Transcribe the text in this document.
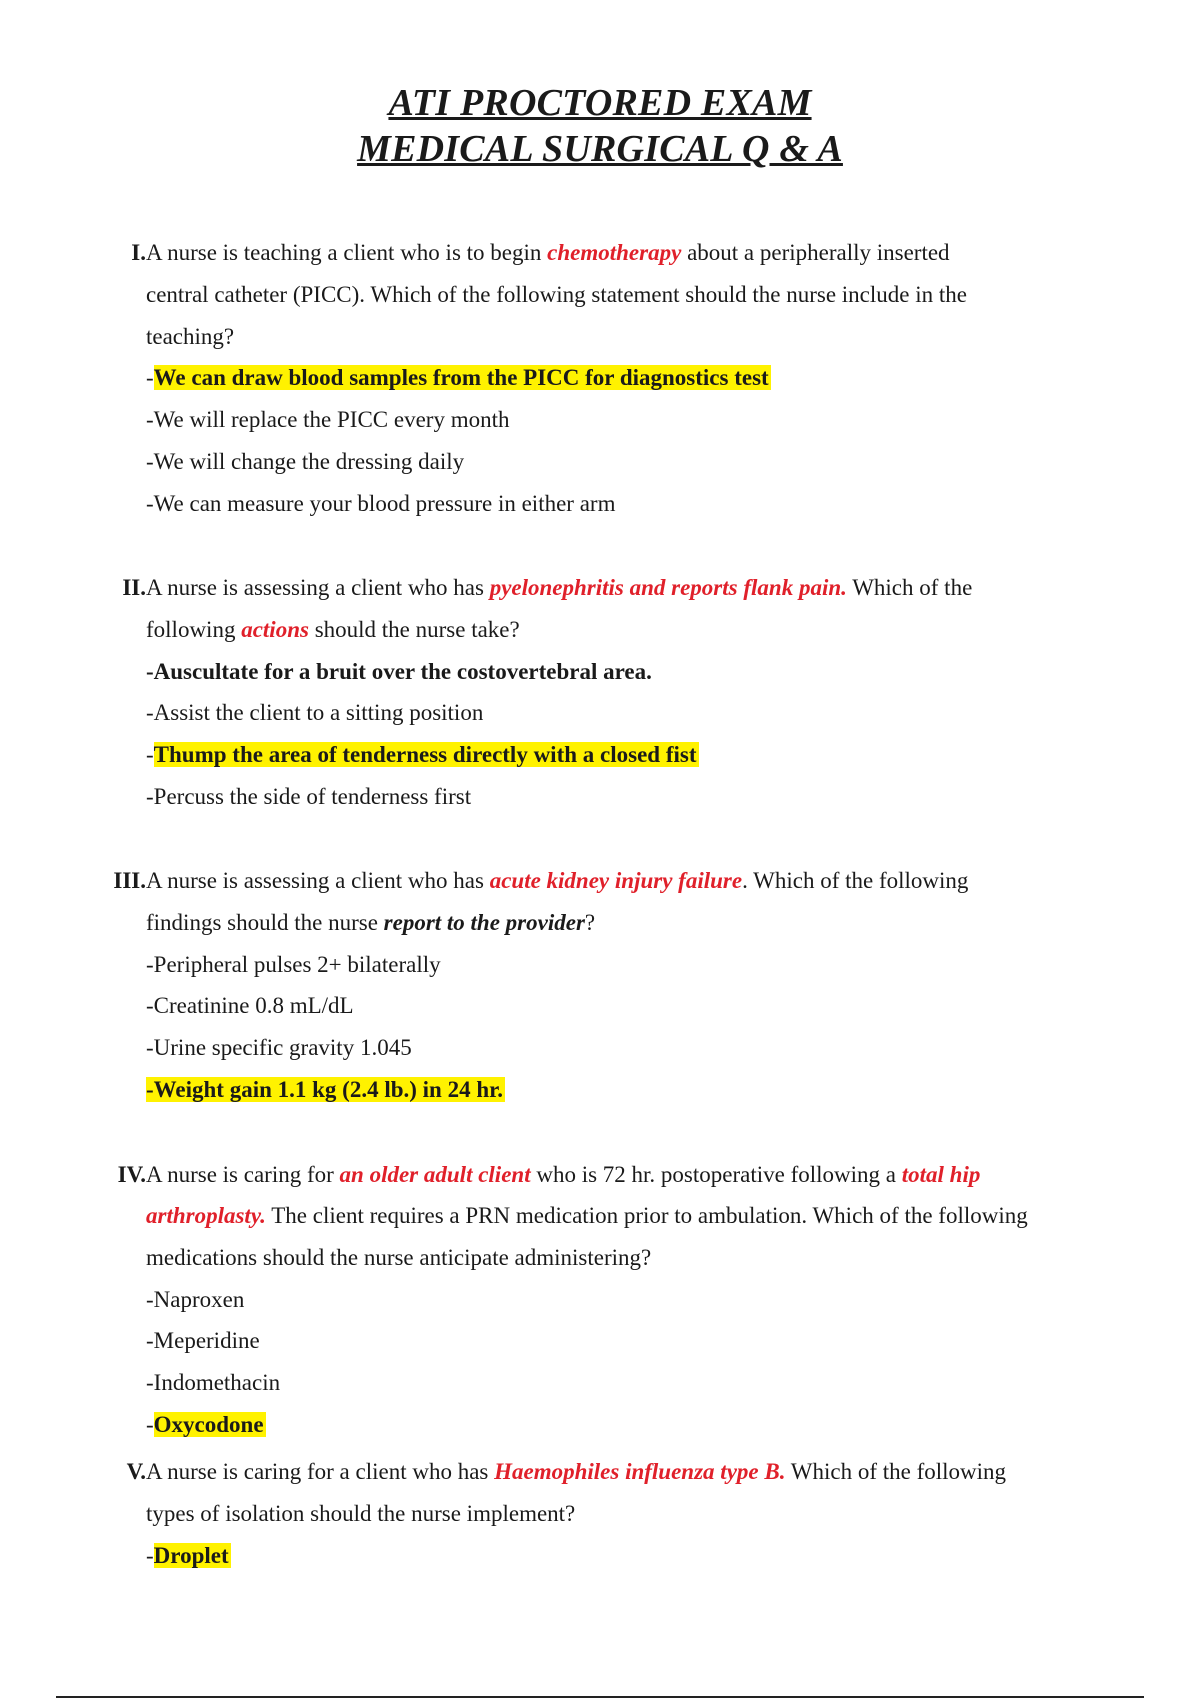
ATI PROCTORED EXAM
MEDICAL SURGICAL Q & A
I. A nurse is teaching a client who is to begin chemotherapy about a peripherally inserted
central catheter (PICC). Which of the following statement should the nurse include in the
teaching?
-We can draw blood samples from the PICC for diagnostics test
-We will replace the PICC every month
-We will change the dressing daily
-We can measure your blood pressure in either arm
II. A nurse is assessing a client who has pyelonephritis and reports flank pain. Which of the
following actions should the nurse take?
-Auscultate for a bruit over the costovertebral area.
-Assist the client to a sitting position
-Thump the area of tenderness directly with a closed fist
-Percuss the side of tenderness first
III. A nurse is assessing a client who has acute kidney injury failure. Which of the following
findings should the nurse report to the provider?
-Peripheral pulses 2+ bilaterally
-Creatinine 0.8 mL/dL
-Urine specific gravity 1.045
-Weight gain 1.1 kg (2.4 lb.) in 24 hr.
IV. A nurse is caring for an older adult client who is 72 hr. postoperative following a total hip
arthroplasty. The client requires a PRN medication prior to ambulation. Which of the following
medications should the nurse anticipate administering?
-Naproxen
-Meperidine
-Indomethacin
-Oxycodone
V. A nurse is caring for a client who has Haemophiles influenza type B. Which of the following
types of isolation should the nurse implement?
-Droplet
